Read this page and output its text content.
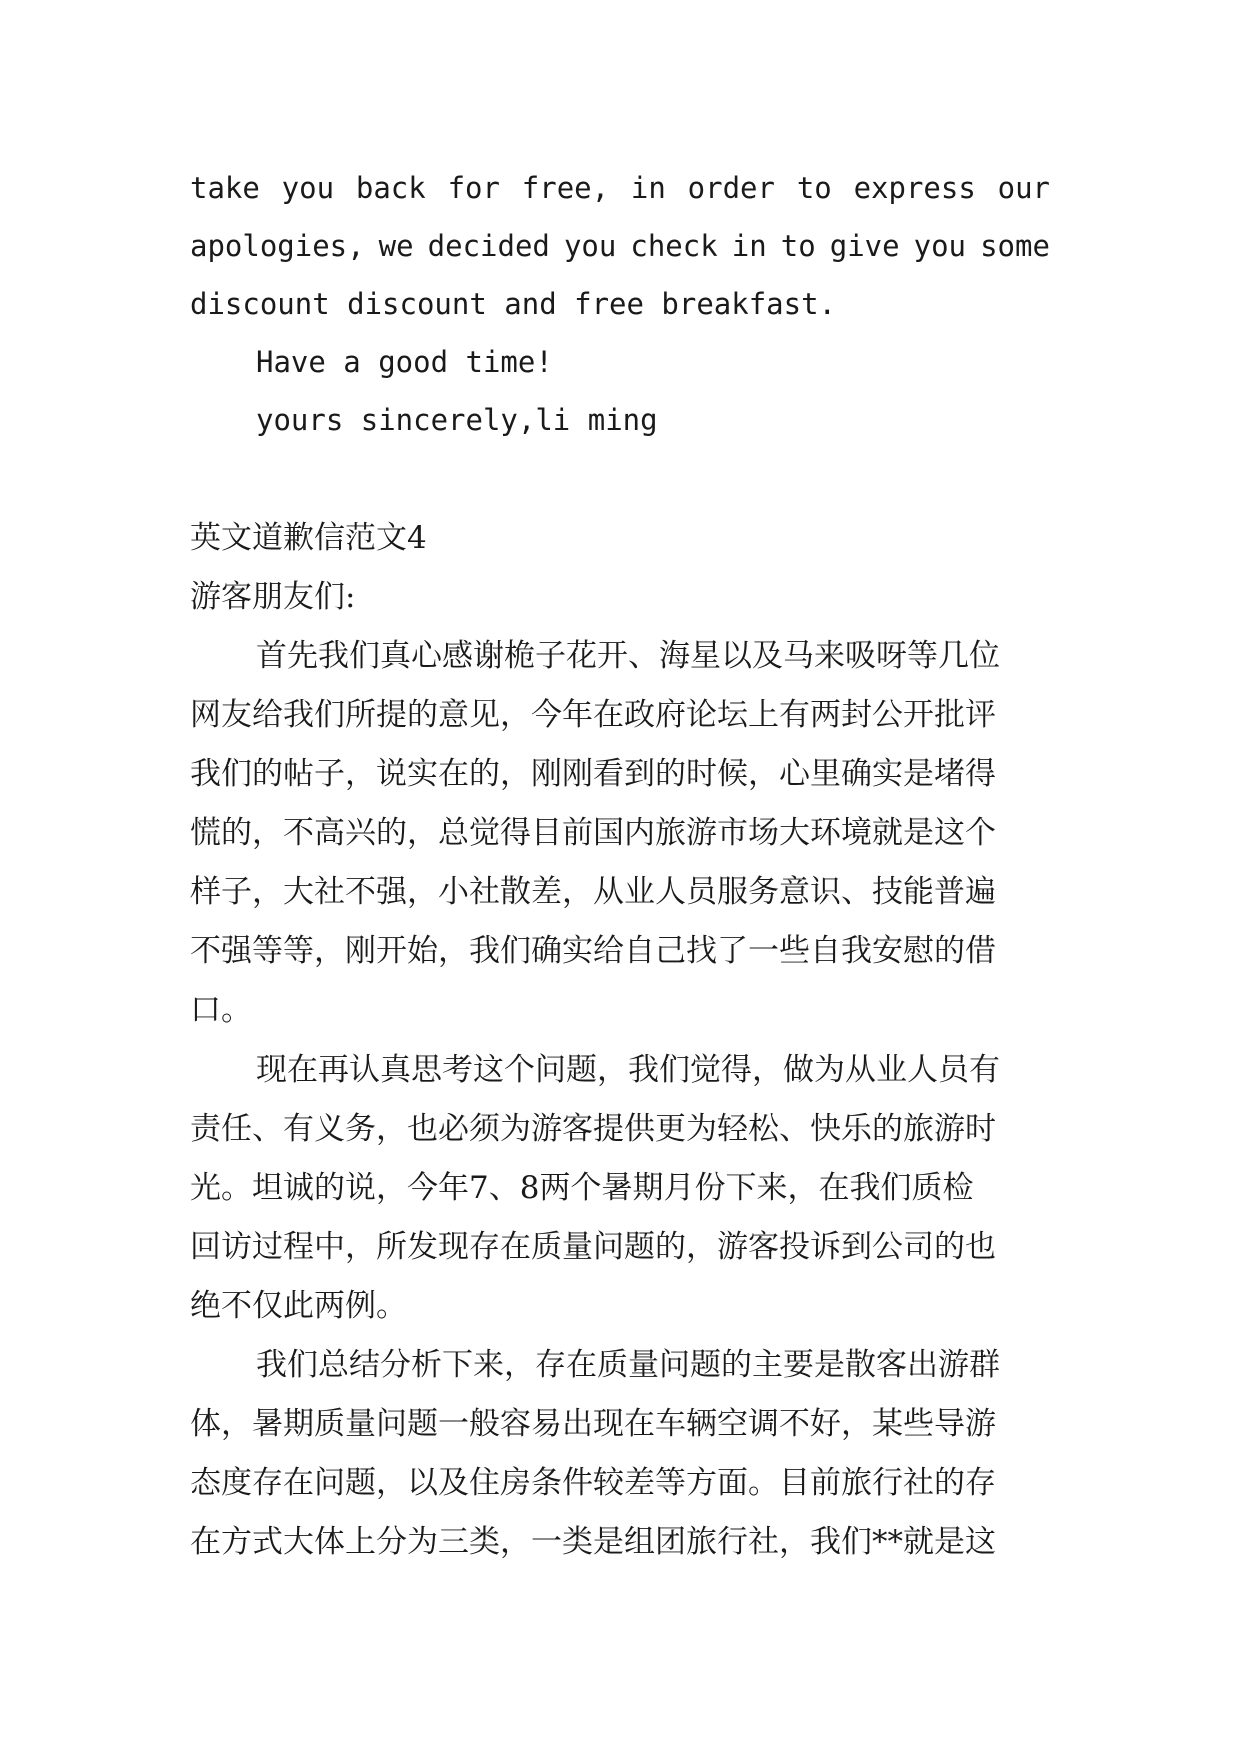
take you back for free, in order to express our
apologies, we decided you check in to give you some
discount discount and free breakfast.
Have a good time!
yours sincerely,li ming
英文道歉信范文4
游客朋友们:
首先我们真心感谢桅子花开、海星以及马来吸呀等几位
网友给我们所提的意见，今年在政府论坛上有两封公开批评
我们的帖子，说实在的，刚刚看到的时候，心里确实是堵得
慌的，不高兴的，总觉得目前国内旅游市场大环境就是这个
样子，大社不强，小社散差，从业人员服务意识、技能普遍
不强等等，刚开始，我们确实给自己找了一些自我安慰的借
口。
现在再认真思考这个问题，我们觉得，做为从业人员有
责任、有义务，也必须为游客提供更为轻松、快乐的旅游时
光。坦诚的说，今年7、8两个暑期月份下来，在我们质检
回访过程中，所发现存在质量问题的，游客投诉到公司的也
绝不仅此两例。
我们总结分析下来，存在质量问题的主要是散客出游群
体，暑期质量问题一般容易出现在车辆空调不好，某些导游
态度存在问题，以及住房条件较差等方面。目前旅行社的存
在方式大体上分为三类，一类是组团旅行社，我们**就是这
